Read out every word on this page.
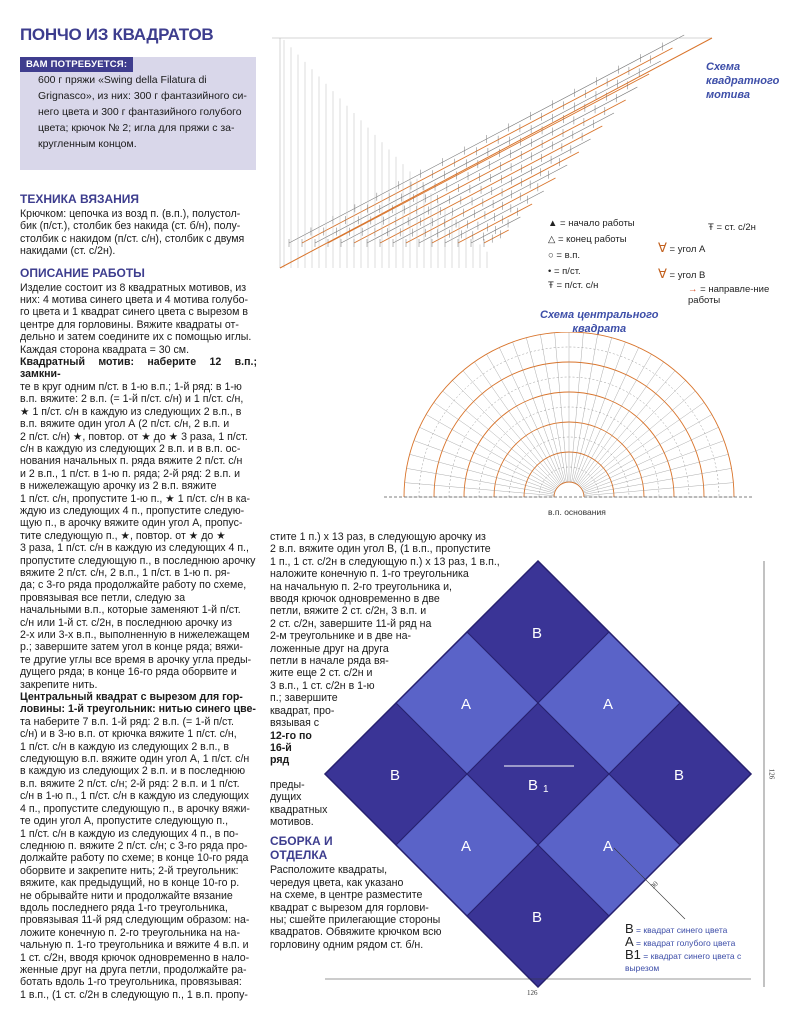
ПОНЧО ИЗ КВАДРАТОВ
ВАМ ПОТРЕБУЕТСЯ:
600 г пряжи «Swing della Filatura di
Grignasco», из них: 300 г фантазийного си-
него цвета и 300 г фантазийного голубого
цвета; крючок № 2; игла для пряжи с за-
кругленным концом.
ТЕХНИКА ВЯЗАНИЯ
Крючком: цепочка из возд п. (в.п.), полустол-
бик (п/ст.), столбик без накида (ст. б/н), полу-
столбик с накидом (п/ст. с/н), столбик с двумя
накидами (ст. с/2н).
ОПИСАНИЕ РАБОТЫ
Изделие состоит из 8 квадратных мотивов, из
них: 4 мотива синего цвета и 4 мотива голубо-
го цвета и 1 квадрат синего цвета с вырезом в
центре для горловины. Вяжите квадраты от-
дельно и затем соедините их с помощью иглы.
Каждая сторона квадрата = 30 см.
Квадратный мотив: наберите 12 в.п.; замкни-
те в круг одним п/ст. в 1-ю в.п.; 1-й ряд: в 1-ю
в.п. вяжите: 2 в.п. (= 1-й п/ст. с/н) и 1 п/ст. с/н,
★ 1 п/ст. с/н в каждую из следующих 2 в.п., в
в.п. вяжите один угол А (2 п/ст. с/н, 2 в.п. и
2 п/ст. с/н) ★, повтор. от ★ до ★ 3 раза, 1 п/ст.
с/н в каждую из следующих 2 в.п. и в в.п. ос-
нования начальных п. ряда вяжите 2 п/ст. с/н
и 2 в.п., 1 п/ст. в 1-ю п. ряда; 2-й ряд: 2 в.п. и
в нижележащую арочку из 2 в.п. вяжите
1 п/ст. с/н, пропустите 1-ю п., ★ 1 п/ст. с/н в ка-
ждую из следующих 4 п., пропустите следую-
щую п., в арочку вяжите один угол А, пропус-
тите следующую п., ★, повтор. от ★ до ★
3 раза, 1 п/ст. с/н в каждую из следующих 4 п.,
пропустите следующую п., в последнюю арочку
вяжите 2 п/ст. с/н, 2 в.п., 1 п/ст. в 1-ю п. ря-
да; с 3-го ряда продолжайте работу по схеме,
провязывая все петли, следую за
начальными в.п., которые заменяют 1-й п/ст.
с/н или 1-й ст. с/2н, в последнюю арочку из
2-х или 3-х в.п., выполненную в нижележащем
р.; завершите затем угол в конце ряда; вяжи-
те другие углы все время в арочку угла преды-
дущего ряда; в конце 16-го ряда оборвите и
закрепите нить.
Центральный квадрат с вырезом для гор-
ловины: 1-й треугольник: нитью синего цве-
та наберите 7 в.п. 1-й ряд: 2 в.п. (= 1-й п/ст.
с/н) и в 3-ю в.п. от крючка вяжите 1 п/ст. с/н,
1 п/ст. с/н в каждую из следующих 2 в.п., в
следующую в.п. вяжите один угол А, 1 п/ст. с/н
в каждую из следующих 2 в.п. и в последнюю
в.п. вяжите 2 п/ст. с/н; 2-й ряд: 2 в.п. и 1 п/ст.
с/н в 1-ю п., 1 п/ст. с/н в каждую из следующих
4 п., пропустите следующую п., в арочку вяжи-
те один угол А, пропустите следующую п.,
1 п/ст. с/н в каждую из следующих 4 п., в по-
следнюю п. вяжите 2 п/ст. с/н; с 3-го ряда про-
должайте работу по схеме; в конце 10-го ряда
оборвите и закрепите нить; 2-й треугольник:
вяжите, как предыдущий, но в конце 10-го р.
не обрывайте нити и продолжайте вязание
вдоль последнего ряда 1-го треугольника,
провязывая 11-й ряд следующим образом: на-
ложите конечную п. 2-го треугольника на на-
чальную п. 1-го треугольника и вяжите 4 в.п. и
1 ст. с/2н, вводя крючок одновременно в нало-
женные друг на друга петли, продолжайте ра-
ботать вдоль 1-го треугольника, провязывая:
1 в.п., (1 ст. с/2н в следующую п., 1 в.п. пропу-
стите 1 п.) х 13 раз, в следующую арочку из
2 в.п. вяжите один угол В, (1 в.п., пропустите
1 п., 1 ст. с/2н в следующую п.) х 13 раз, 1 в.п.,
наложите конечную п. 1-го треугольника
на начальную п. 2-го треугольника и,
вводя крючок одновременно в две
петли, вяжите 2 ст. с/2н, 3 в.п. и
2 ст. с/2н, завершите 11-й ряд на
2-м треугольнике и в две на-
ложенные друг на друга
петли в начале ряда вя-
жите еще 2 ст. с/2н и
3 в.п., 1 ст. с/2н в 1-ю
п.; завершите
квадрат, про-
вязывая с
12-го по
16-й
ряд
преды-
дущих
квадратных
мотивов.
СБОРКА И ОТДЕЛКА
Расположите квадраты,
чередуя цвета, как указано
на схеме, в центре разместите
квадрат с вырезом для горлови-
ны; сшейте прилегающие стороны
квадратов. Обвяжите крючком всю
горловину одним рядом ст. б/н.
Схема
квадратного
мотива
▲ = начало работы
△ = конец работы
○ = в.п.
• = п/ст.
Ŧ = п/ст. с/н
Ŧ = ст. с/2н
∀ = угол А
∀ = угол В
→ = направле-ние работы
Схема центрального
квадрата
в.п. основания
B
A	A
B	B
B 1
A	A
B
126
126
30
B = квадрат синего цвета
A = квадрат голубого цвета
B1 = квадрат синего цвета с вырезом
